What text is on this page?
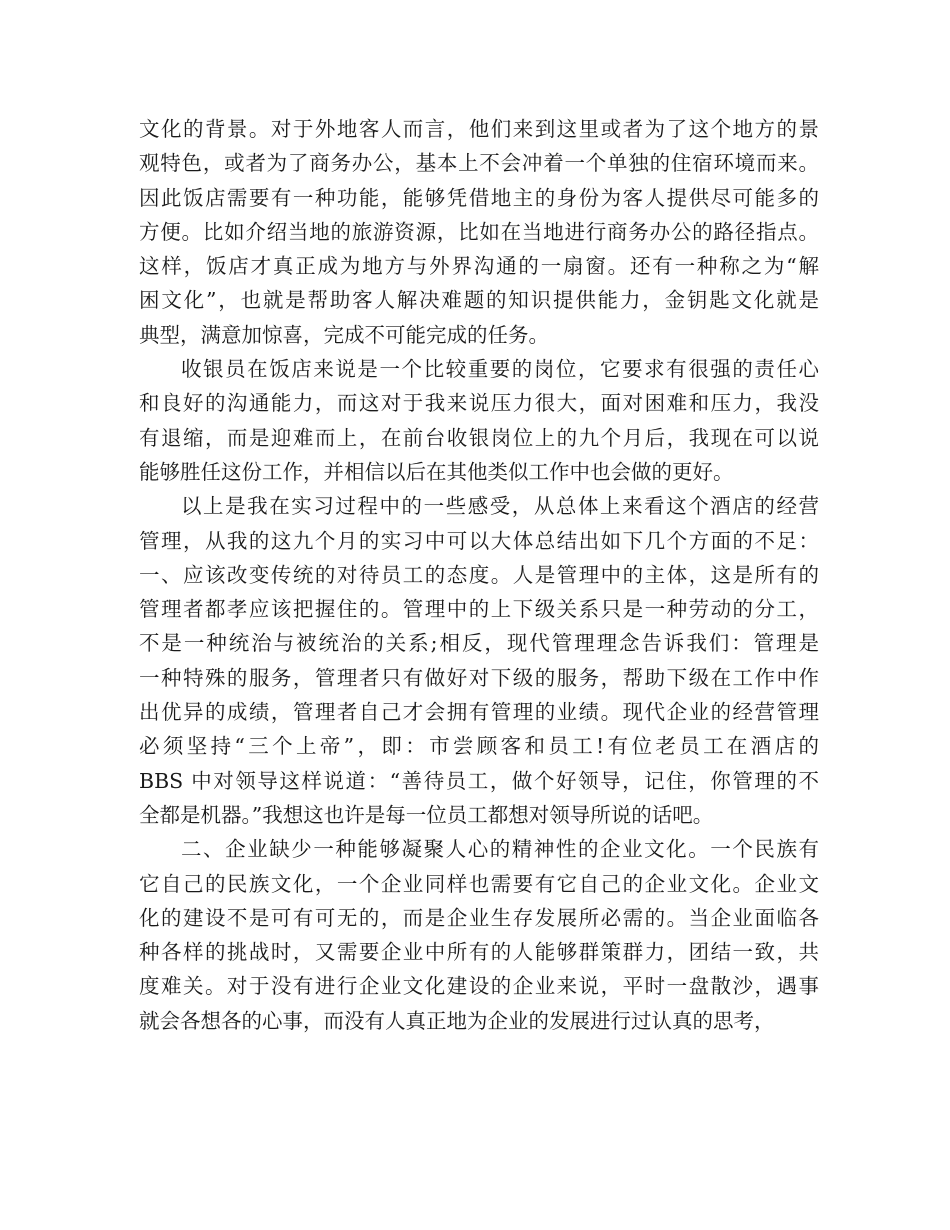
文化的背景。对于外地客人而言，他们来到这里或者为了这个地方的景
观特色，或者为了商务办公，基本上不会冲着一个单独的住宿环境而来。
因此饭店需要有一种功能，能够凭借地主的身份为客人提供尽可能多的
方便。比如介绍当地的旅游资源，比如在当地进行商务办公的路径指点。
这样，饭店才真正成为地方与外界沟通的一扇窗。还有一种称之为“解
困文化”，也就是帮助客人解决难题的知识提供能力，金钥匙文化就是
典型，满意加惊喜，完成不可能完成的任务。
收银员在饭店来说是一个比较重要的岗位，它要求有很强的责任心
和良好的沟通能力，而这对于我来说压力很大，面对困难和压力，我没
有退缩，而是迎难而上，在前台收银岗位上的九个月后，我现在可以说
能够胜任这份工作，并相信以后在其他类似工作中也会做的更好。
以上是我在实习过程中的一些感受，从总体上来看这个酒店的经营
管理，从我的这九个月的实习中可以大体总结出如下几个方面的不足：
一、应该改变传统的对待员工的态度。人是管理中的主体，这是所有的
管理者都孝应该把握住的。管理中的上下级关系只是一种劳动的分工，
不是一种统治与被统治的关系;相反，现代管理理念告诉我们：管理是
一种特殊的服务，管理者只有做好对下级的服务，帮助下级在工作中作
出优异的成绩，管理者自己才会拥有管理的业绩。现代企业的经营管理
必须坚持“三个上帝”，即：市尝顾客和员工!有位老员工在酒店的
BBS 中对领导这样说道：“善待员工，做个好领导，记住，你管理的不
全都是机器。”我想这也许是每一位员工都想对领导所说的话吧。
二、企业缺少一种能够凝聚人心的精神性的企业文化。一个民族有
它自己的民族文化，一个企业同样也需要有它自己的企业文化。企业文
化的建设不是可有可无的，而是企业生存发展所必需的。当企业面临各
种各样的挑战时，又需要企业中所有的人能够群策群力，团结一致，共
度难关。对于没有进行企业文化建设的企业来说，平时一盘散沙，遇事
就会各想各的心事，而没有人真正地为企业的发展进行过认真的思考，
